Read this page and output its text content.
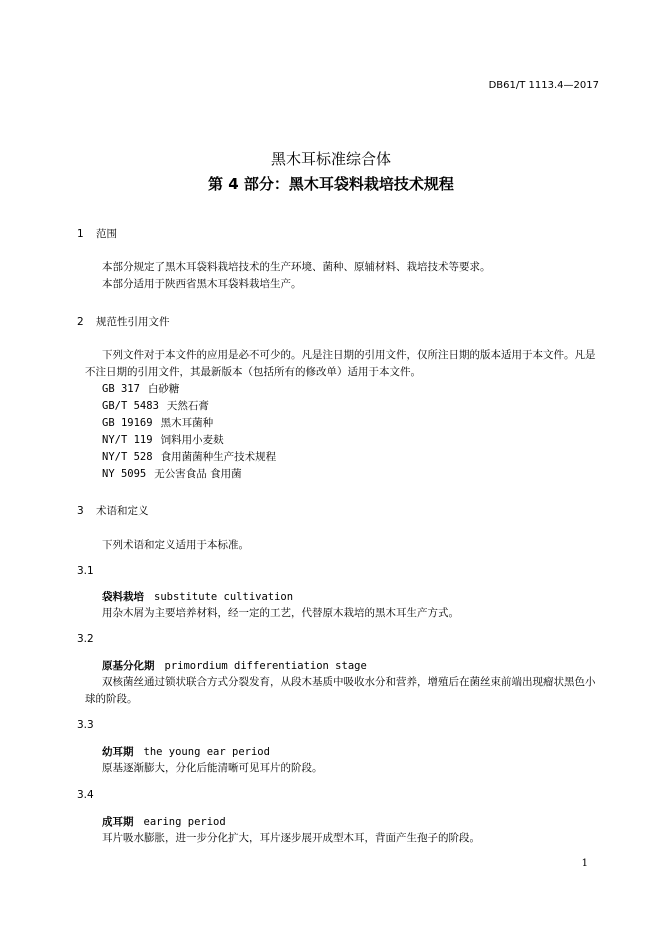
DB61/T 1113.4—2017
黑木耳标准综合体
第 4 部分：黑木耳袋料栽培技术规程
1 范围
本部分规定了黑木耳袋料栽培技术的生产环境、菌种、原辅材料、栽培技术等要求。
本部分适用于陕西省黑木耳袋料栽培生产。
2 规范性引用文件
下列文件对于本文件的应用是必不可少的。凡是注日期的引用文件，仅所注日期的版本适用于本文件。凡是不注日期的引用文件，其最新版本（包括所有的修改单）适用于本文件。
GB 317 白砂糖
GB/T 5483 天然石膏
GB 19169 黑木耳菌种
NY/T 119 饲料用小麦麸
NY/T 528 食用菌菌种生产技术规程
NY 5095 无公害食品 食用菌
3 术语和定义
下列术语和定义适用于本标准。
3.1
袋料栽培 substitute cultivation
用杂木屑为主要培养材料，经一定的工艺，代替原木栽培的黑木耳生产方式。
3.2
原基分化期 primordium differentiation stage
双核菌丝通过锁状联合方式分裂发育，从段木基质中吸收水分和营养，增殖后在菌丝束前端出现瘤状黑色小球的阶段。
3.3
幼耳期 the young ear period
原基逐渐膨大，分化后能清晰可见耳片的阶段。
3.4
成耳期 earing period
耳片吸水膨胀，进一步分化扩大，耳片逐步展开成型木耳，背面产生孢子的阶段。
1
